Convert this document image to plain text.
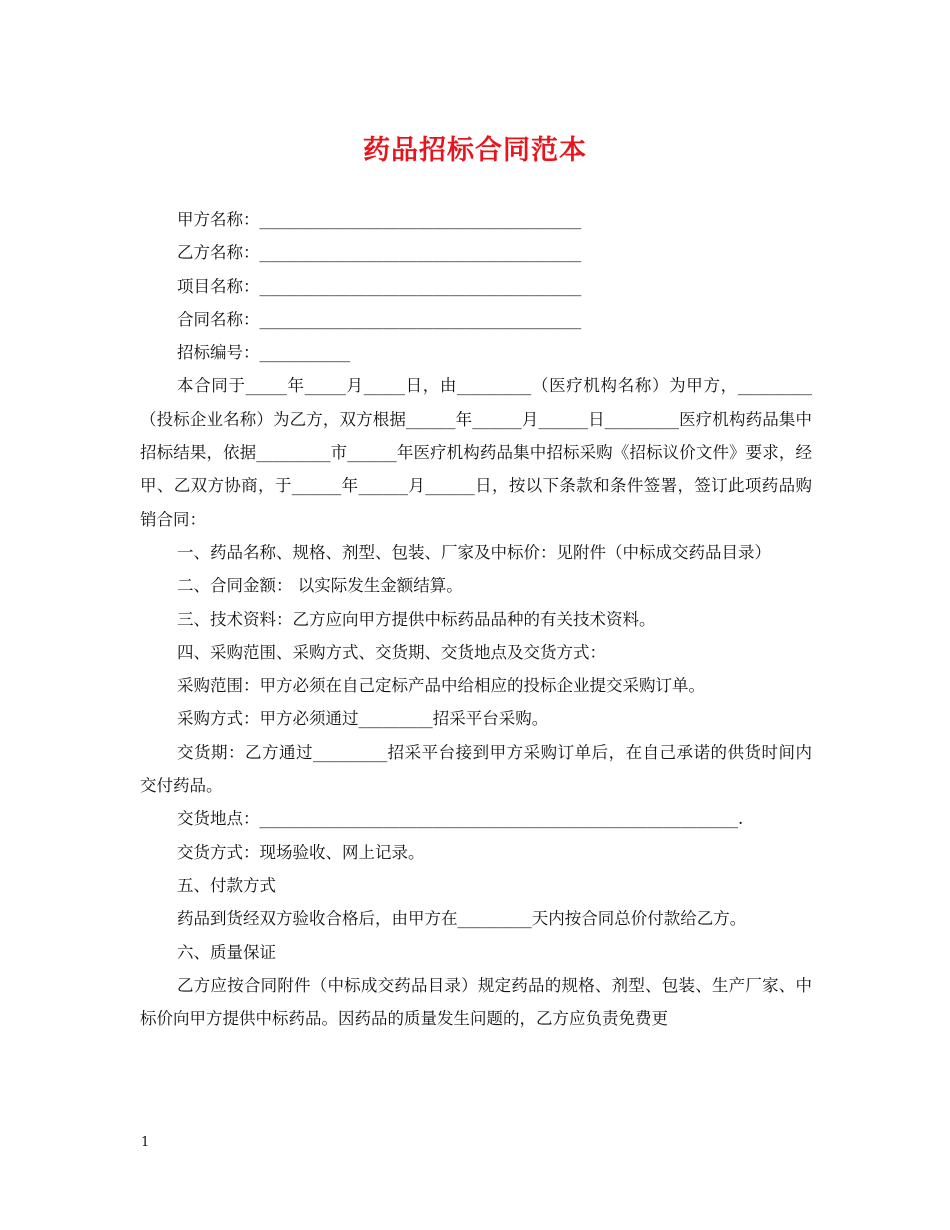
药品招标合同范本

甲方名称：_______________________________________

乙方名称：_______________________________________

项目名称：_______________________________________

合同名称：_______________________________________

招标编号：___________

本合同于_____年_____月_____日，由_________（医疗机构名称）为甲方，_________（投标企业名称）为乙方，双方根据______年______月______日_________医疗机构药品集中招标结果，依据_________市______年医疗机构药品集中招标采购《招标议价文件》要求，经甲、乙双方协商，于______年______月______日，按以下条款和条件签署，签订此项药品购销合同：

一、药品名称、规格、剂型、包装、厂家及中标价：见附件（中标成交药品目录）

二、合同金额： 以实际发生金额结算。

三、技术资料：乙方应向甲方提供中标药品品种的有关技术资料。

四、采购范围、采购方式、交货期、交货地点及交货方式：

采购范围：甲方必须在自己定标产品中给相应的投标企业提交采购订单。

采购方式：甲方必须通过_________招采平台采购。

交货期：乙方通过_________招采平台接到甲方采购订单后，在自己承诺的供货时间内交付药品。

交货地点：__________________________________________________________.

交货方式：现场验收、网上记录。

五、付款方式

药品到货经双方验收合格后，由甲方在_________天内按合同总价付款给乙方。

六、质量保证

乙方应按合同附件（中标成交药品目录）规定药品的规格、剂型、包装、生产厂家、中标价向甲方提供中标药品。因药品的质量发生问题的，乙方应负责免费更

1
